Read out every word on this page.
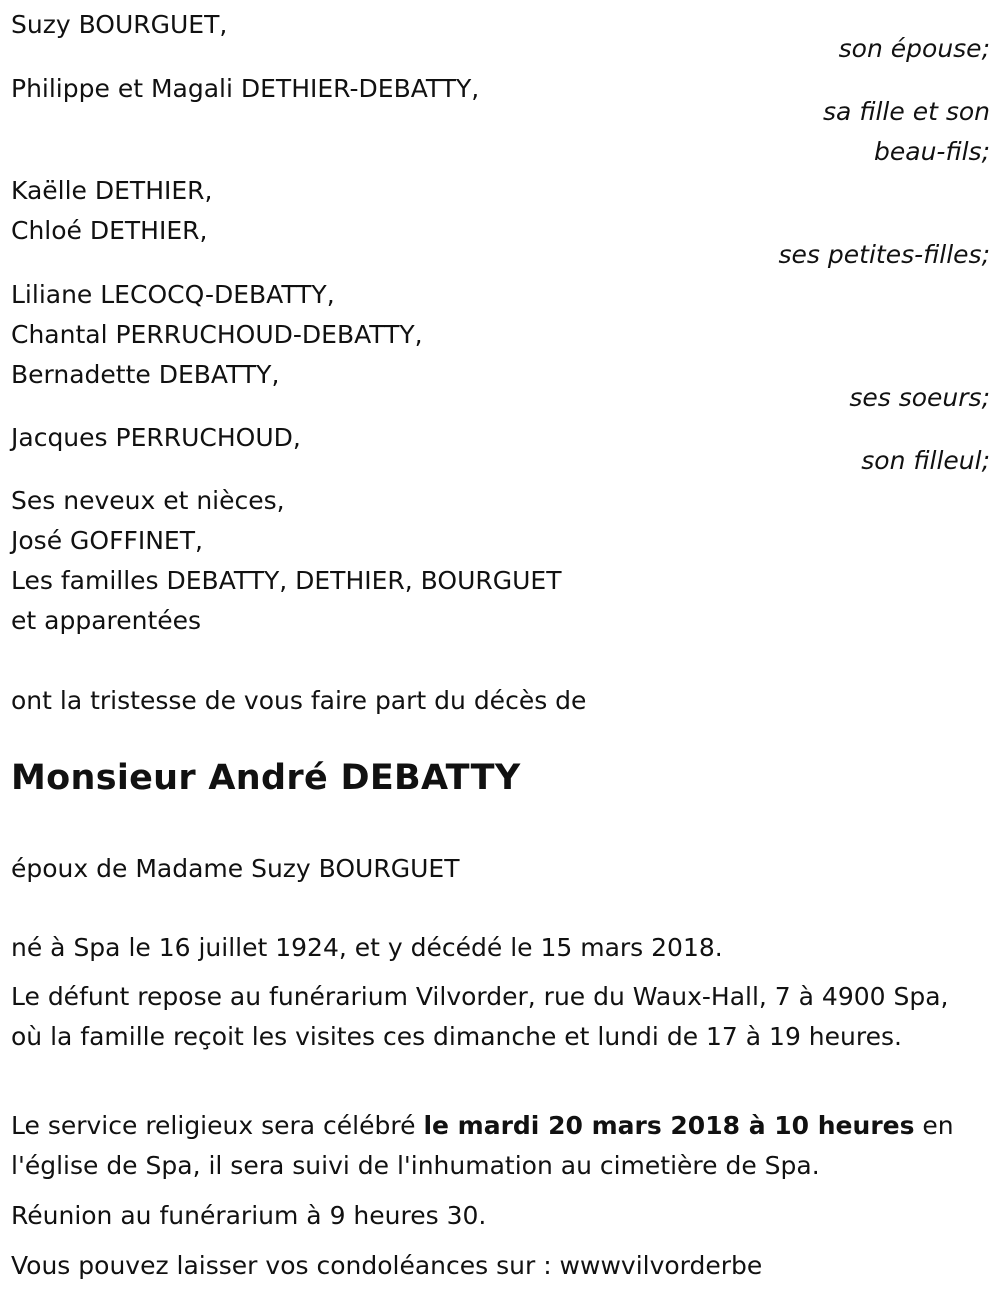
Suzy BOURGUET,
son épouse;
Philippe et Magali DETHIER-DEBATTY,
sa fille et son
beau-fils;
Kaëlle DETHIER,
Chloé DETHIER,
ses petites-filles;
Liliane LECOCQ-DEBATTY,
Chantal PERRUCHOUD-DEBATTY,
Bernadette DEBATTY,
ses soeurs;
Jacques PERRUCHOUD,
son filleul;
Ses neveux et nièces,
José GOFFINET,
Les familles DEBATTY, DETHIER, BOURGUET
et apparentées
ont la tristesse de vous faire part du décès de
Monsieur André DEBATTY
époux de Madame Suzy BOURGUET
né à Spa le 16 juillet 1924, et y décédé le 15 mars 2018.
Le défunt repose au funérarium Vilvorder, rue du Waux-Hall, 7 à 4900 Spa, où la famille reçoit les visites ces dimanche et lundi de 17 à 19 heures.
Le service religieux sera célébré le mardi 20 mars 2018 à 10 heures en l'église de Spa, il sera suivi de l'inhumation au cimetière de Spa.
Réunion au funérarium à 9 heures 30.
Vous pouvez laisser vos condoléances sur : wwwvilvorderbe
